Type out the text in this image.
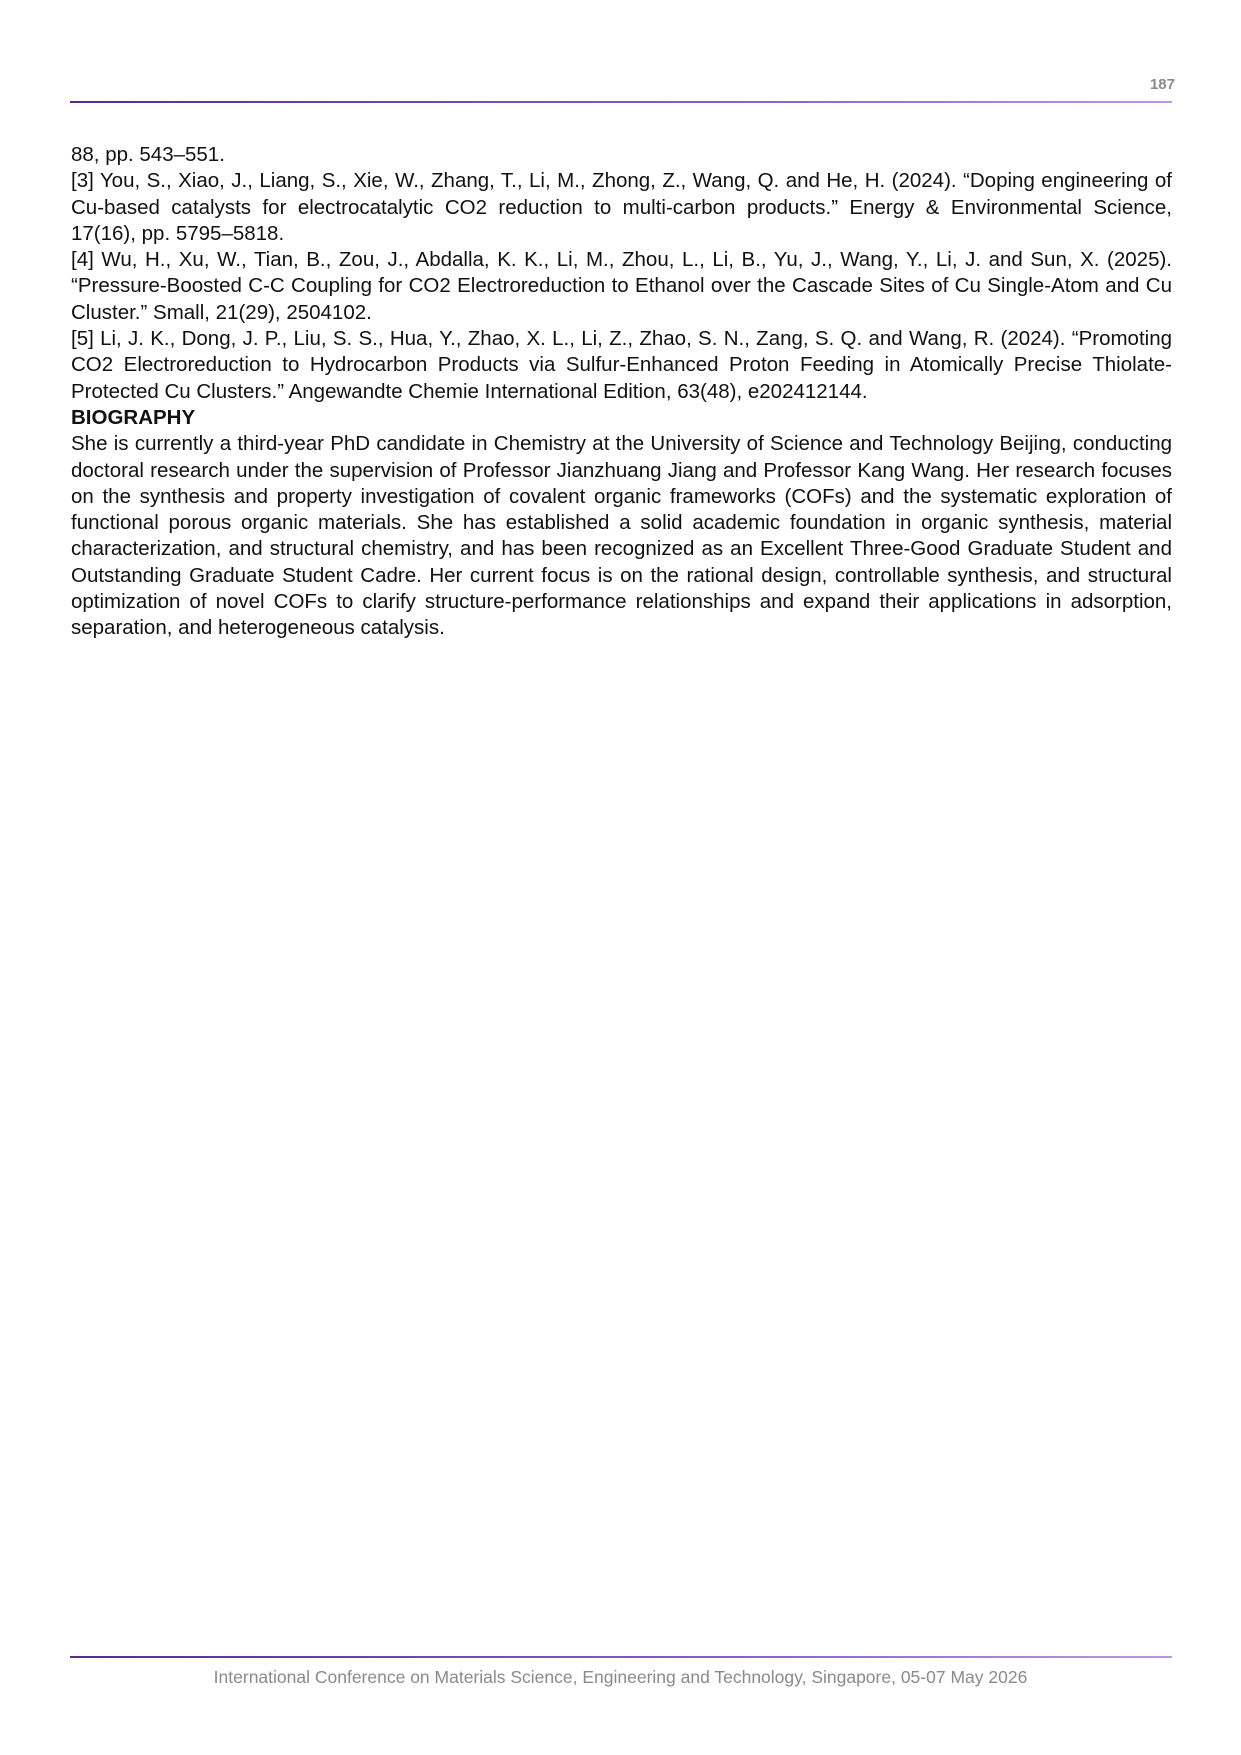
187

88, pp. 543–551.

[3] You, S., Xiao, J., Liang, S., Xie, W., Zhang, T., Li, M., Zhong, Z., Wang, Q. and He, H. (2024). “Doping engineering of Cu-based catalysts for electrocatalytic CO2 reduction to multi-carbon products.” Energy & Environmental Science, 17(16), pp. 5795–5818.

[4] Wu, H., Xu, W., Tian, B., Zou, J., Abdalla, K. K., Li, M., Zhou, L., Li, B., Yu, J., Wang, Y., Li, J. and Sun, X. (2025). “Pressure-Boosted C-C Coupling for CO2 Electroreduction to Ethanol over the Cascade Sites of Cu Single-Atom and Cu Cluster.” Small, 21(29), 2504102.

[5] Li, J. K., Dong, J. P., Liu, S. S., Hua, Y., Zhao, X. L., Li, Z., Zhao, S. N., Zang, S. Q. and Wang, R. (2024). “Promoting CO2 Electroreduction to Hydrocarbon Products via Sulfur-Enhanced Proton Feeding in Atomically Precise Thiolate-Protected Cu Clusters.” Angewandte Chemie International Edition, 63(48), e202412144.

BIOGRAPHY

She is currently a third-year PhD candidate in Chemistry at the University of Science and Technology Beijing, conducting doctoral research under the supervision of Professor Jianzhuang Jiang and Professor Kang Wang. Her research focuses on the synthesis and property investigation of covalent organic frameworks (COFs) and the systematic exploration of functional porous organic materials. She has established a solid academic foundation in organic synthesis, material characterization, and structural chemistry, and has been recognized as an Excellent Three-Good Graduate Student and Outstanding Graduate Student Cadre. Her current focus is on the rational design, controllable synthesis, and structural optimization of novel COFs to clarify structure-performance relationships and expand their applications in adsorption, separation, and heterogeneous catalysis.

International Conference on Materials Science, Engineering and Technology, Singapore, 05-07 May 2026
